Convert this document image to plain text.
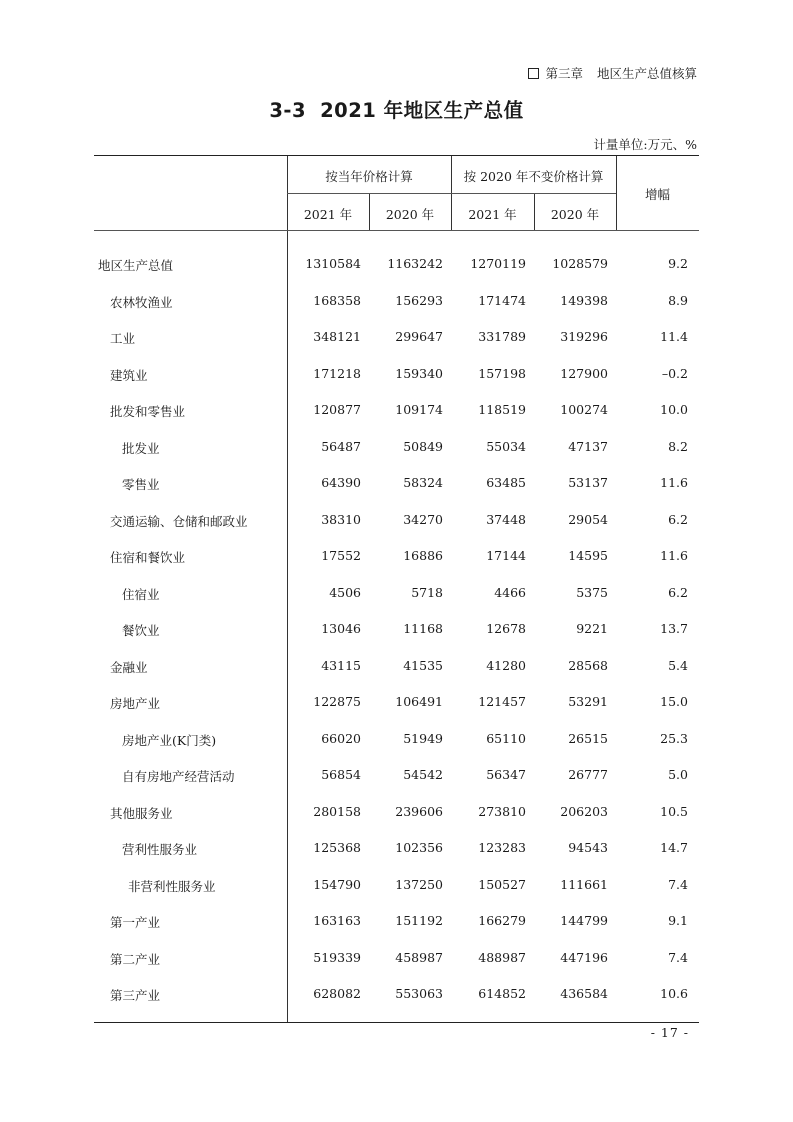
第三章 地区生产总值核算
3-3 2021 年地区生产总值
计量单位:万元、%
按当年价格计算	按 2020 年不变价格计算
增幅
2021 年	2020 年	2021 年	2020 年
地区生产总值	1310584	1163242	1270119	1028579	9.2
农林牧渔业	168358	156293	171474	149398	8.9
工业	348121	299647	331789	319296	11.4
建筑业	171218	159340	157198	127900	–0.2
批发和零售业	120877	109174	118519	100274	10.0
批发业	56487	50849	55034	47137	8.2
零售业	64390	58324	63485	53137	11.6
交通运输、仓储和邮政业	38310	34270	37448	29054	6.2
住宿和餐饮业	17552	16886	17144	14595	11.6
住宿业	4506	5718	4466	5375	6.2
餐饮业	13046	11168	12678	9221	13.7
金融业	43115	41535	41280	28568	5.4
房地产业	122875	106491	121457	53291	15.0
房地产业(K门类)	66020	51949	65110	26515	25.3
自有房地产经营活动	56854	54542	56347	26777	5.0
其他服务业	280158	239606	273810	206203	10.5
营利性服务业	125368	102356	123283	94543	14.7
非营利性服务业	154790	137250	150527	111661	7.4
第一产业	163163	151192	166279	144799	9.1
第二产业	519339	458987	488987	447196	7.4
第三产业	628082	553063	614852	436584	10.6
- 17 -
